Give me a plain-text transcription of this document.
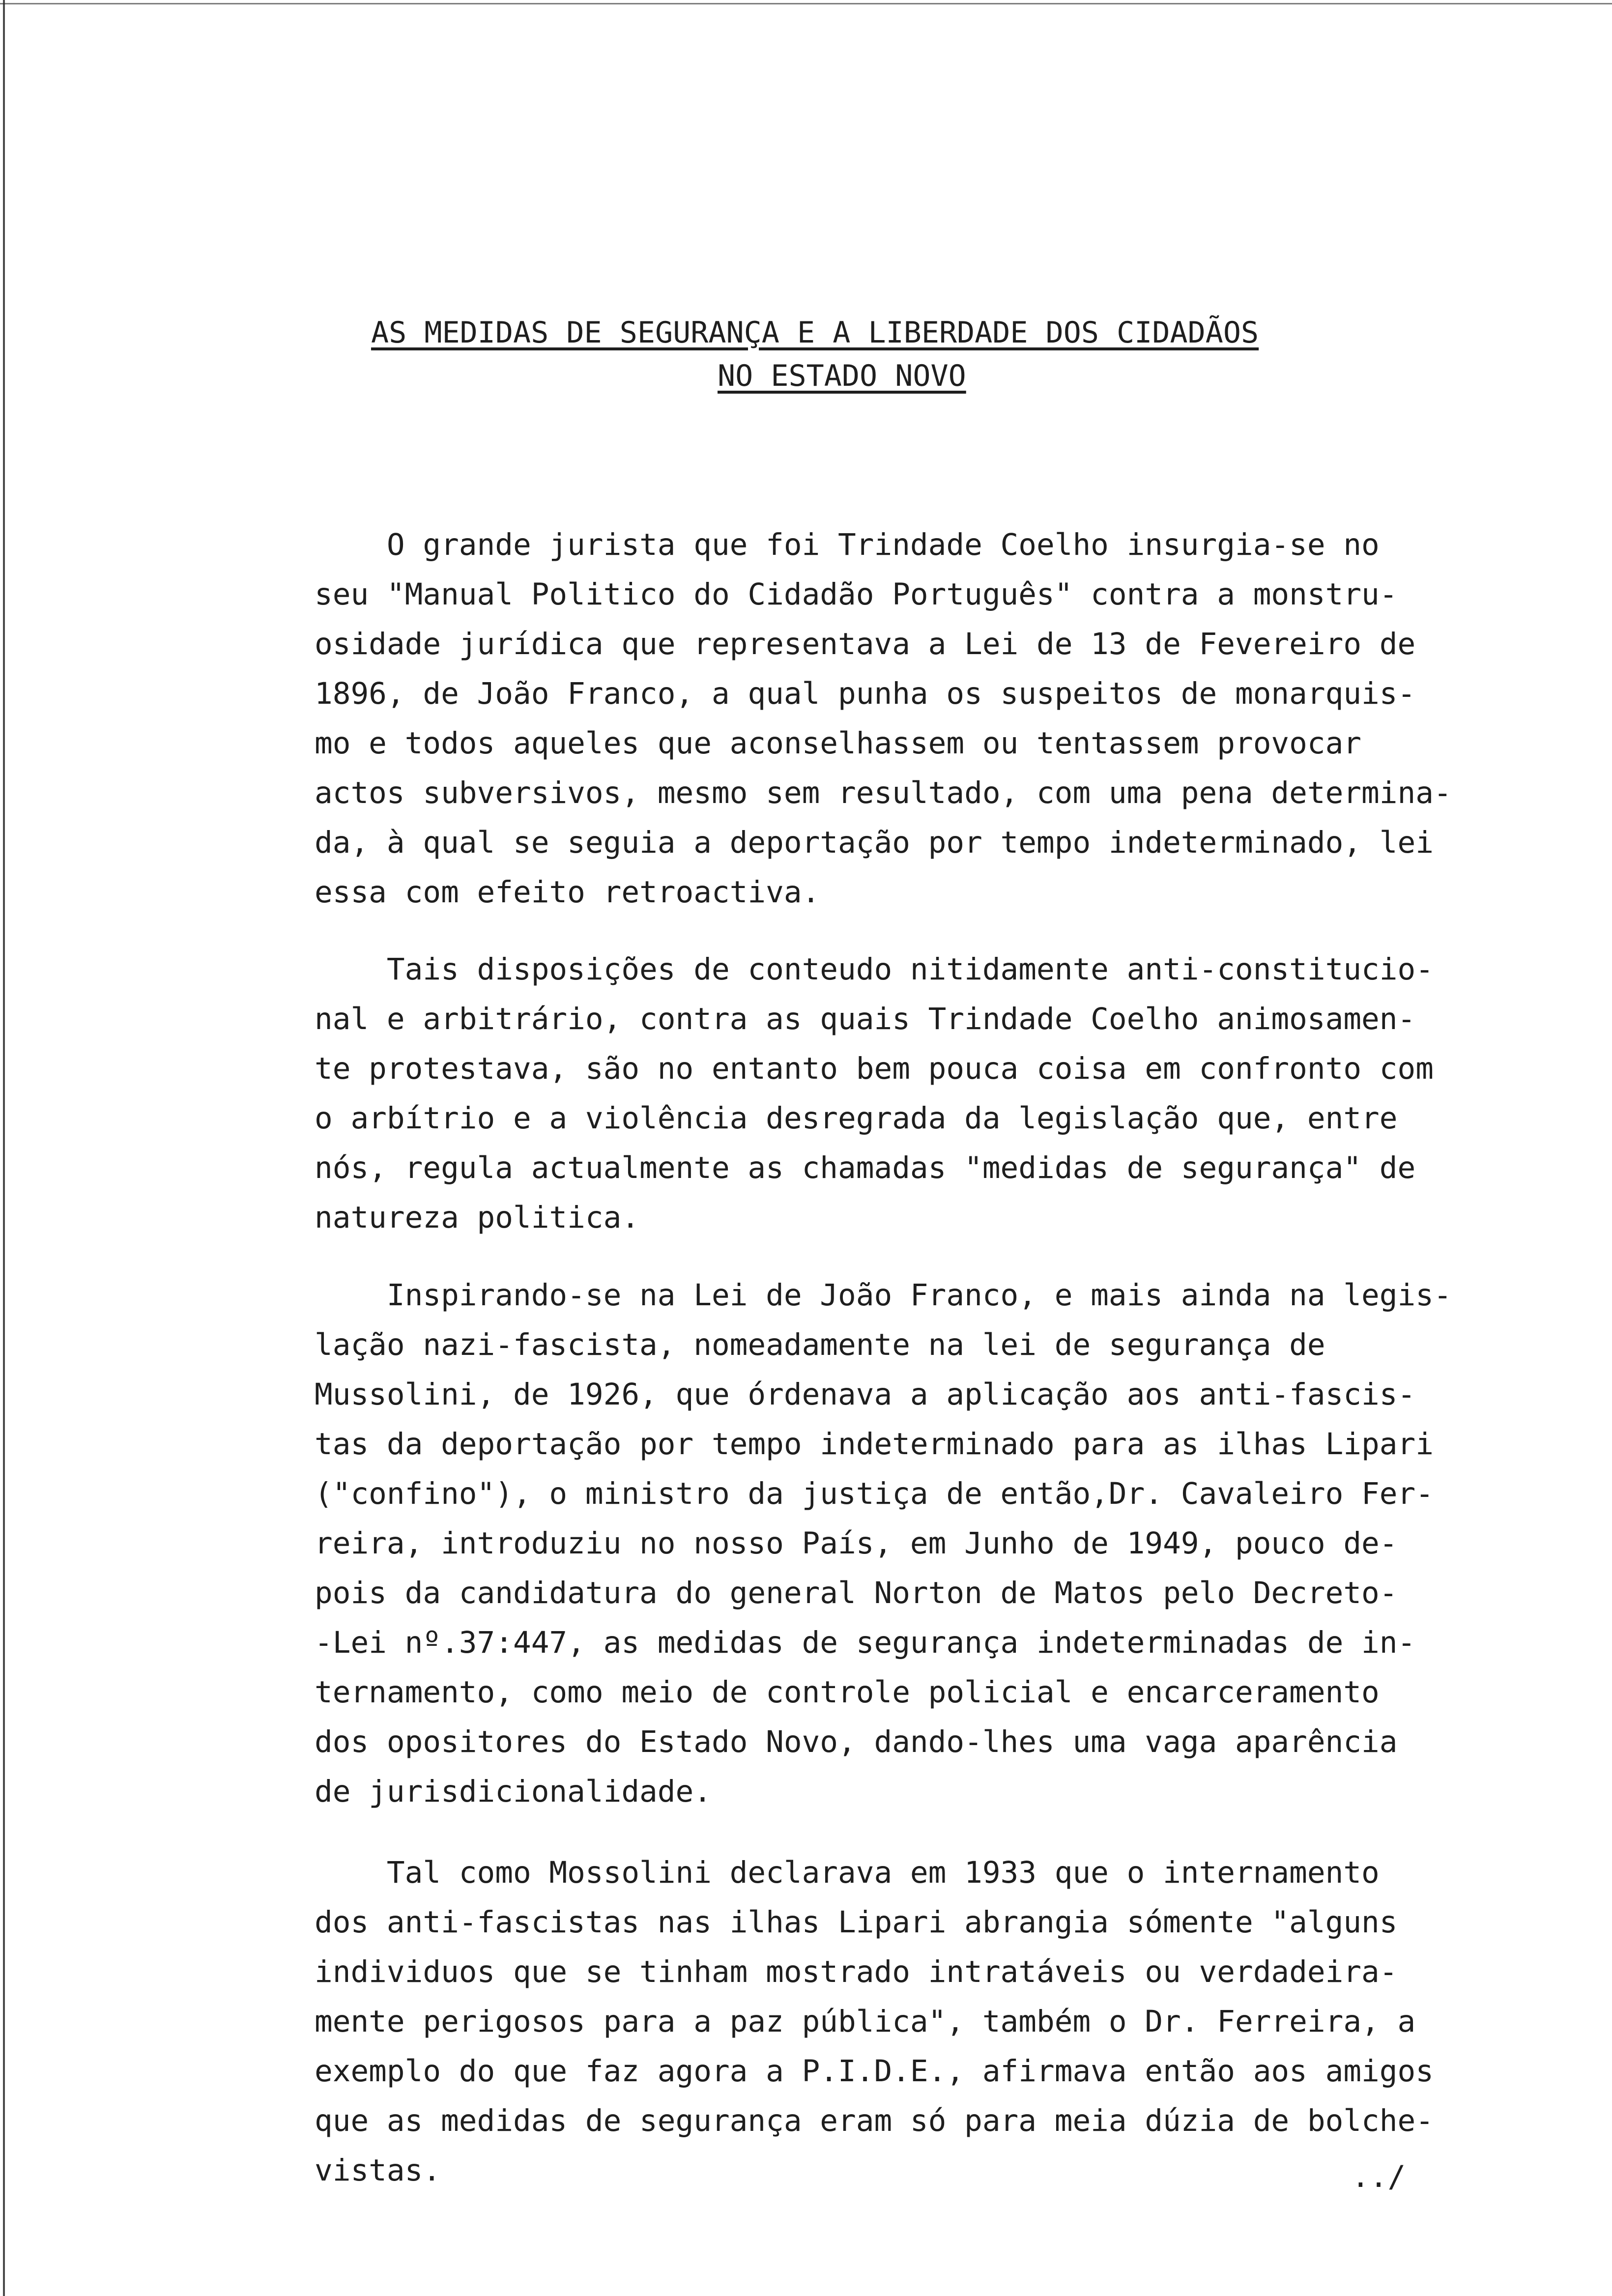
AS MEDIDAS DE SEGURANÇA E A LIBERDADE DOS CIDADÃOS
NO ESTADO NOVO
O grande jurista que foi Trindade Coelho insurgia-se no
seu "Manual Politico do Cidadão Português" contra a monstru-
osidade jurídica que representava a Lei de 13 de Fevereiro de
1896, de João Franco, a qual punha os suspeitos de monarquis-
mo e todos aqueles que aconselhassem ou tentassem provocar
actos subversivos, mesmo sem resultado, com uma pena determina-
da, à qual se seguia a deportação por tempo indeterminado, lei
essa com efeito retroactiva.
Tais disposições de conteudo nitidamente anti-constitucio-
nal e arbitrário, contra as quais Trindade Coelho animosamen-
te protestava, são no entanto bem pouca coisa em confronto com
o arbítrio e a violência desregrada da legislação que, entre
nós, regula actualmente as chamadas "medidas de segurança" de
natureza politica.
Inspirando-se na Lei de João Franco, e mais ainda na legis-
lação nazi-fascista, nomeadamente na lei de segurança de
Mussolini, de 1926, que órdenava a aplicação aos anti-fascis-
tas da deportação por tempo indeterminado para as ilhas Lipari
("confino"), o ministro da justiça de então,Dr. Cavaleiro Fer-
reira, introduziu no nosso País, em Junho de 1949, pouco de-
pois da candidatura do general Norton de Matos pelo Decreto-
-Lei nº.37:447, as medidas de segurança indeterminadas de in-
ternamento, como meio de controle policial e encarceramento
dos opositores do Estado Novo, dando-lhes uma vaga aparência
de jurisdicionalidade.
Tal como Mossolini declarava em 1933 que o internamento
dos anti-fascistas nas ilhas Lipari abrangia sómente "alguns
individuos que se tinham mostrado intratáveis ou verdadeira-
mente perigosos para a paz pública", também o Dr. Ferreira, a
exemplo do que faz agora a P.I.D.E., afirmava então aos amigos
que as medidas de segurança eram só para meia dúzia de bolche-
vistas.	../
